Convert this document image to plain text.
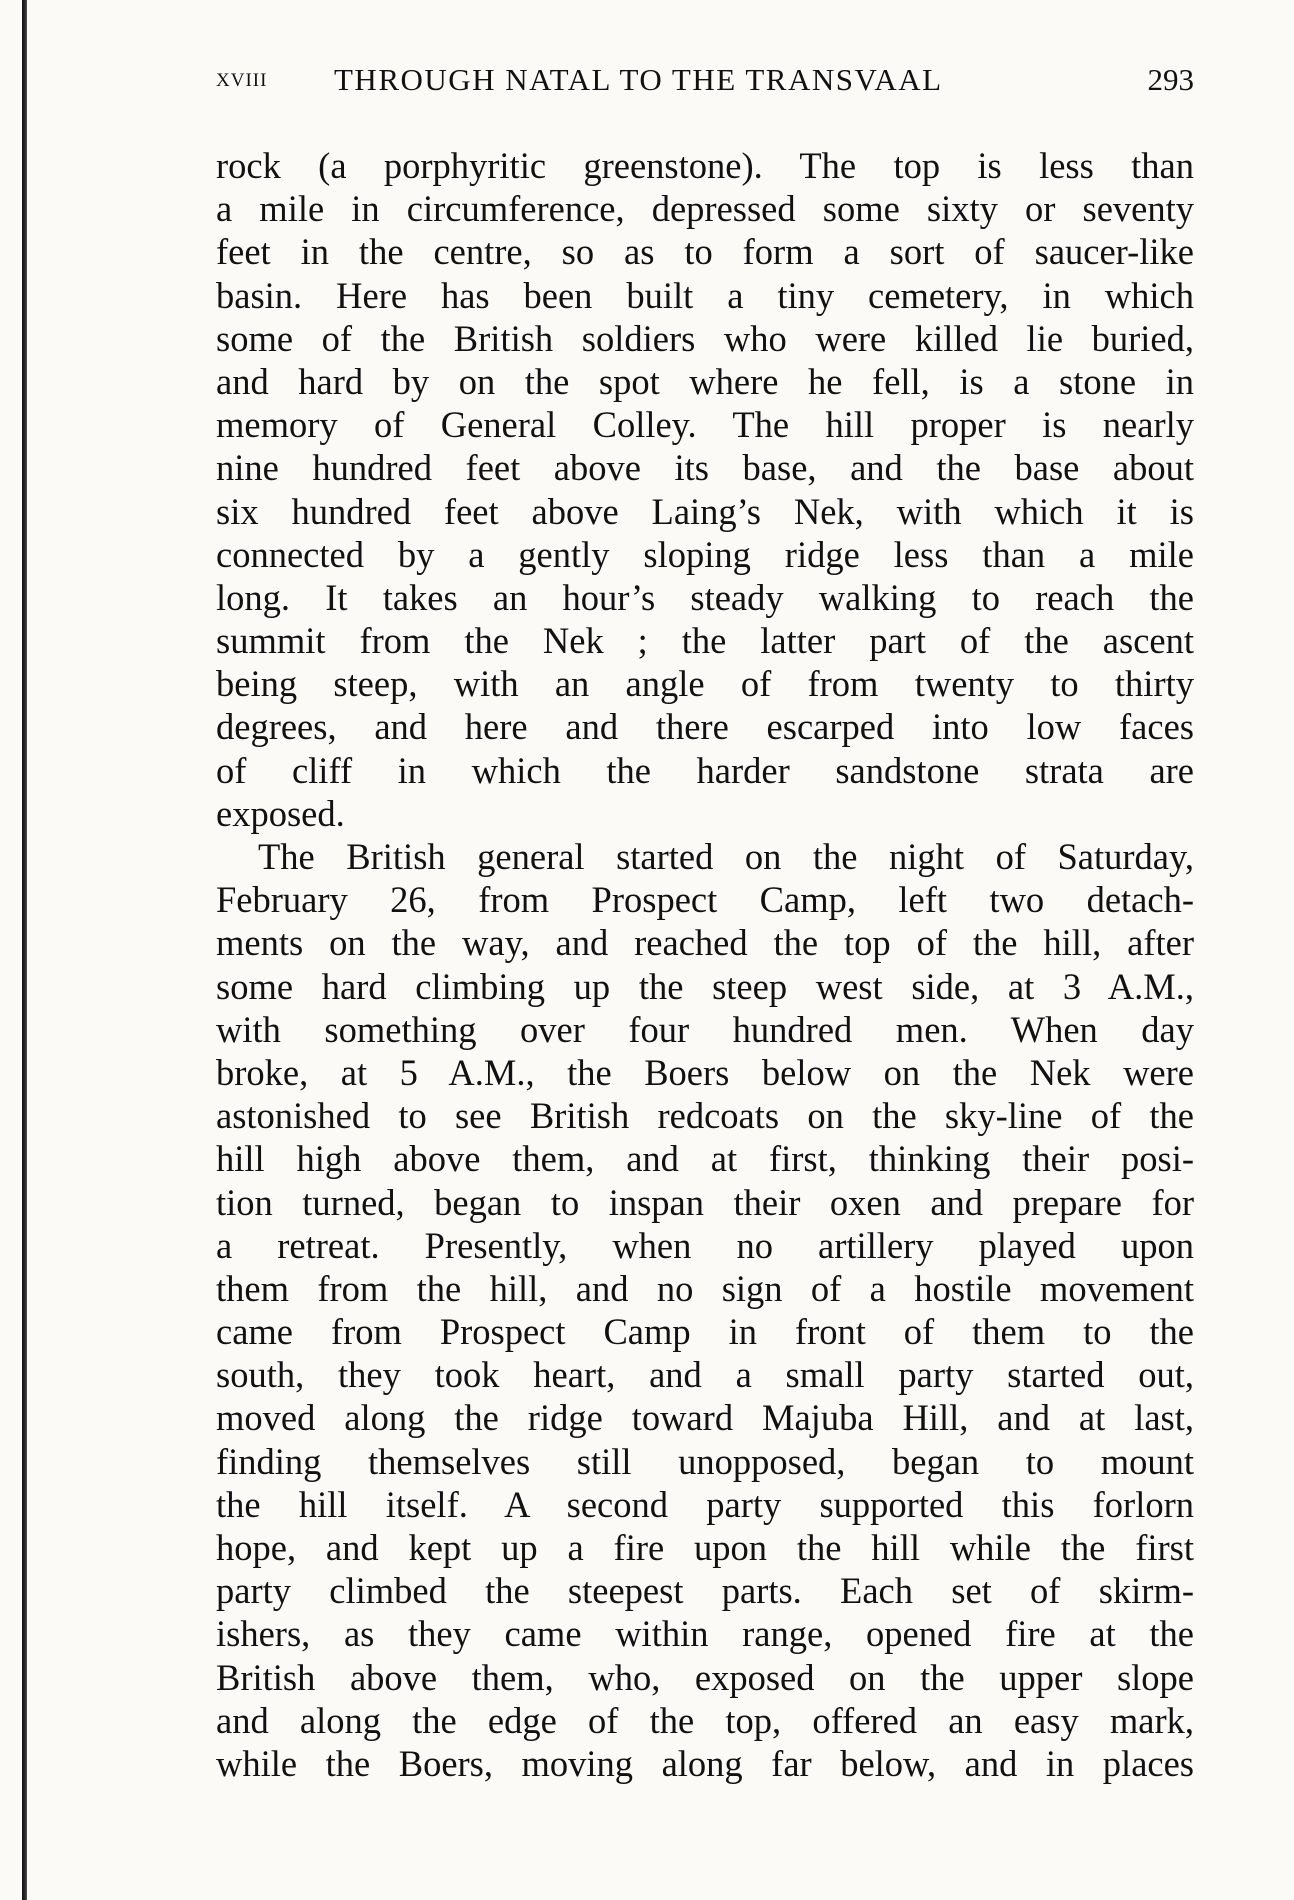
xviii THROUGH NATAL TO THE TRANSVAAL	293
rock (a porphyritic greenstone). The top is less than
a mile in circumference, depressed some sixty or seventy
feet in the centre, so as to form a sort of saucer-like
basin. Here has been built a tiny cemetery, in which
some of the British soldiers who were killed lie buried,
and hard by on the spot where he fell, is a stone in
memory of General Colley. The hill proper is nearly
nine hundred feet above its base, and the base about
six hundred feet above Laing’s Nek, with which it is
connected by a gently sloping ridge less than a mile
long. It takes an hour’s steady walking to reach the
summit from the Nek ; the latter part of the ascent
being steep, with an angle of from twenty to thirty
degrees, and here and there escarped into low faces
of cliff in which the harder sandstone strata are
exposed.
The British general started on the night of Saturday,
February 26, from Prospect Camp, left two detach-
ments on the way, and reached the top of the hill, after
some hard climbing up the steep west side, at 3 A.M.,
with something over four hundred men. When day
broke, at 5 A.M., the Boers below on the Nek were
astonished to see British redcoats on the sky-line of the
hill high above them, and at first, thinking their posi-
tion turned, began to inspan their oxen and prepare for
a retreat. Presently, when no artillery played upon
them from the hill, and no sign of a hostile movement
came from Prospect Camp in front of them to the
south, they took heart, and a small party started out,
moved along the ridge toward Majuba Hill, and at last,
finding themselves still unopposed, began to mount
the hill itself. A second party supported this forlorn
hope, and kept up a fire upon the hill while the first
party climbed the steepest parts. Each set of skirm-
ishers, as they came within range, opened fire at the
British above them, who, exposed on the upper slope
and along the edge of the top, offered an easy mark,
while the Boers, moving along far below, and in places
